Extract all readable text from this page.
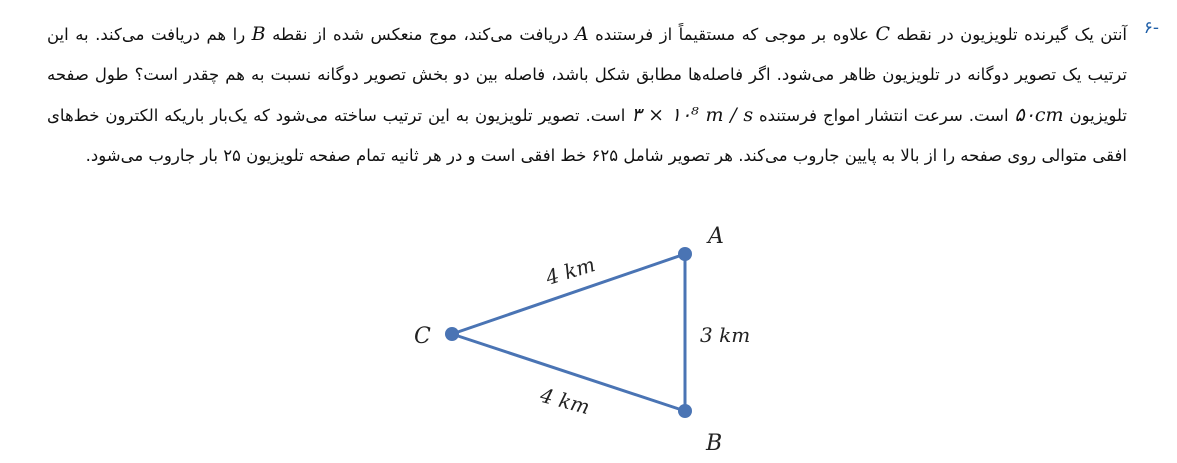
-۶
آنتن یک گیرنده تلویزیون در نقطه C علاوه بر موجی که مستقیماً از فرستنده A دریافت می‌کند، موج منعکس شده از نقطه B را هم دریافت می‌کند. به این ترتیب یک تصویر دوگانه در تلویزیون ظاهر می‌شود. اگر فاصله‌ها مطابق شکل باشد، فاصله بین دو بخش تصویر دوگانه نسبت به هم چقدر است؟ طول صفحه تلویزیون ۵۰cm است. سرعت انتشار امواج فرستنده ۳ × ۱۰⁸ m / s است. تصویر تلویزیون به این ترتیب ساخته می‌شود که یک‌بار باریکه الکترون خط‌های افقی متوالی روی صفحه را از بالا به پایین جاروب می‌کند. هر تصویر شامل ۶۲۵ خط افقی است و در هر ثانیه تمام صفحه تلویزیون ۲۵ بار جاروب می‌شود.
A
B
C
4 km
4 km
3 km
